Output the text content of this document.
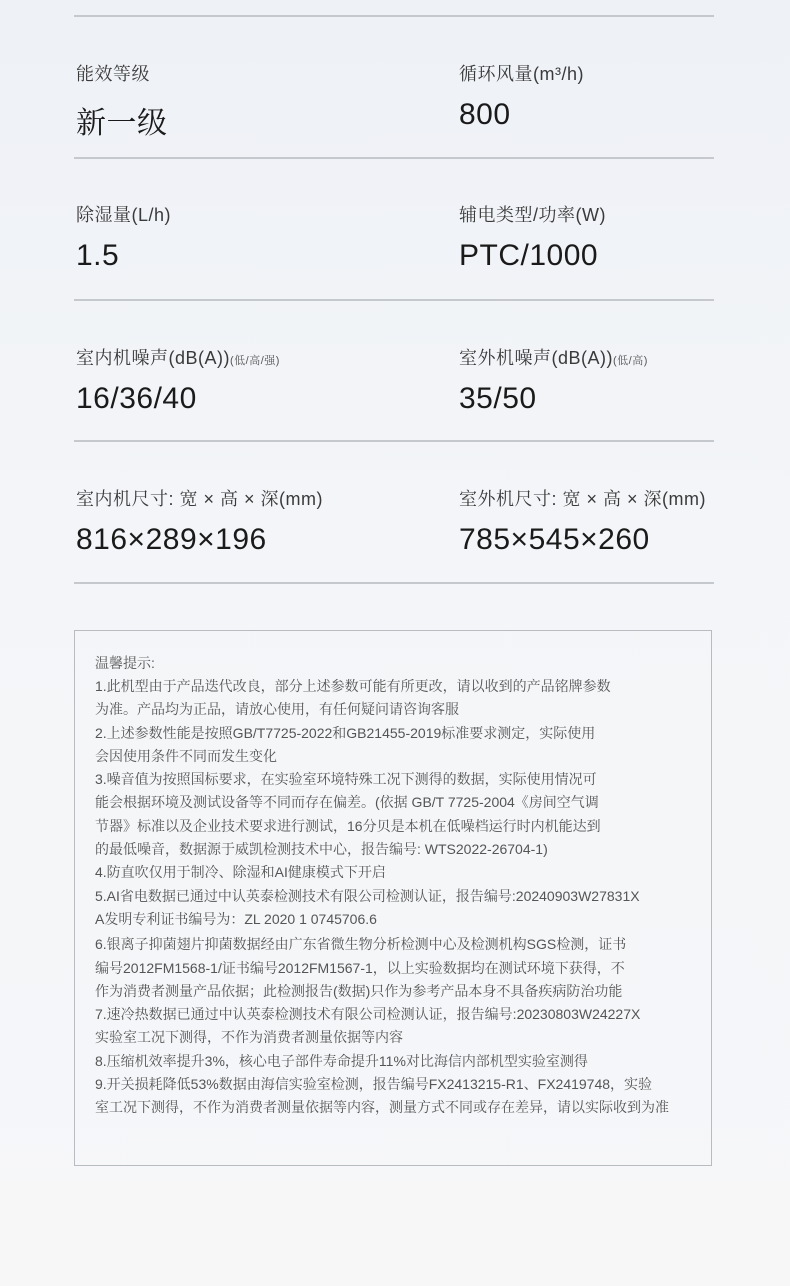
能效等级
新一级
循环风量(m³/h)
800
除湿量(L/h)
1.5
辅电类型/功率(W)
PTC/1000
室内机噪声(dB(A))(低/高/强)
16/36/40
室外机噪声(dB(A))(低/高)
35/50
室内机尺寸: 宽 × 高 × 深(mm)
816×289×196
室外机尺寸: 宽 × 高 × 深(mm)
785×545×260
温馨提示:
1.此机型由于产品迭代改良，部分上述参数可能有所更改，请以收到的产品铭牌参数
为准。产品均为正品，请放心使用，有任何疑问请咨询客服
2.上述参数性能是按照GB/T7725-2022和GB21455-2019标准要求测定，实际使用
会因使用条件不同而发生变化
3.噪音值为按照国标要求，在实验室环境特殊工况下测得的数据，实际使用情况可
能会根据环境及测试设备等不同而存在偏差。(依据 GB/T 7725-2004《房间空气调
节器》标准以及企业技术要求进行测试，16分贝是本机在低噪档运行时内机能达到
的最低噪音，数据源于威凯检测技术中心，报告编号: WTS2022-26704-1)
4.防直吹仅用于制冷、除湿和AI健康模式下开启
5.AI省电数据已通过中认英泰检测技术有限公司检测认证，报告编号:20240903W27831X
A发明专利证书编号为：ZL 2020 1 0745706.6
6.银离子抑菌翅片抑菌数据经由广东省微生物分析检测中心及检测机构SGS检测，证书
编号2012FM1568-1/证书编号2012FM1567-1，以上实验数据均在测试环境下获得，不
作为消费者测量产品依据；此检测报告(数据)只作为参考产品本身不具备疾病防治功能
7.速冷热数据已通过中认英泰检测技术有限公司检测认证，报告编号:20230803W24227X
实验室工况下测得，不作为消费者测量依据等内容
8.压缩机效率提升3%，核心电子部件寿命提升11%对比海信内部机型实验室测得
9.开关损耗降低53%数据由海信实验室检测，报告编号FX2413215-R1、FX2419748，实验
室工况下测得，不作为消费者测量依据等内容，测量方式不同或存在差异，请以实际收到为准
